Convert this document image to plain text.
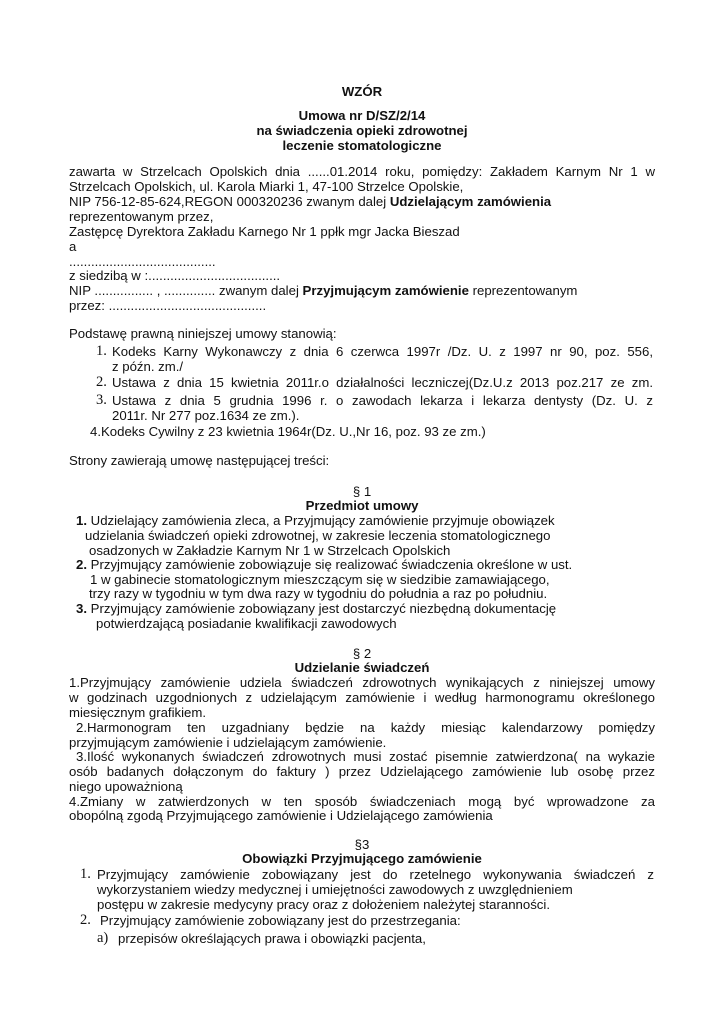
WZÓR

Umowa nr D/SZ/2/14

na świadczenia opieki zdrowotnej

leczenie stomatologiczne

zawarta w Strzelcach Opolskich dnia ......01.2014 roku, pomiędzy: Zakładem Karnym Nr 1 w

Strzelcach Opolskich, ul. Karola Miarki 1, 47-100 Strzelce Opolskie,

NIP 756-12-85-624,REGON 000320236 zwanym dalej Udzielającym zamówienia

reprezentowanym przez,

Zastępcę Dyrektora Zakładu Karnego Nr 1 ppłk mgr Jacka Bieszad

a

........................................

z siedzibą w :....................................

NIP ................ , .............. zwanym dalej Przyjmującym zamówienie reprezentowanym

przez: ...........................................

Podstawę prawną niniejszej umowy stanowią:

1. Kodeks Karny Wykonawczy z dnia 6 czerwca 1997r /Dz. U. z 1997 nr 90, poz. 556,

z późn. zm./

2. Ustawa z dnia 15 kwietnia 2011r.o działalności leczniczej(Dz.U.z 2013 poz.217 ze zm.

3. Ustawa z dnia 5 grudnia 1996 r. o zawodach lekarza i lekarza dentysty (Dz. U. z

2011r. Nr 277 poz.1634 ze zm.).

4.Kodeks Cywilny z 23 kwietnia 1964r(Dz. U.,Nr 16, poz. 93 ze zm.)

Strony zawierają umowę następującej treści:

§ 1

Przedmiot umowy

1. Udzielający zamówienia zleca, a Przyjmujący zamówienie przyjmuje obowiązek

udzielania świadczeń opieki zdrowotnej, w zakresie leczenia stomatologicznego

osadzonych w Zakładzie Karnym Nr 1 w Strzelcach Opolskich

2. Przyjmujący zamówienie zobowiązuje się realizować świadczenia określone w ust.

1 w gabinecie stomatologicznym mieszczącym się w siedzibie zamawiającego,

trzy razy w tygodniu w tym dwa razy w tygodniu do południa a raz po południu.

3. Przyjmujący zamówienie zobowiązany jest dostarczyć niezbędną dokumentację

potwierdzającą posiadanie kwalifikacji zawodowych

§ 2

Udzielanie świadczeń

1.Przyjmujący zamówienie udziela świadczeń zdrowotnych wynikających z niniejszej umowy

w godzinach uzgodnionych z udzielającym zamówienie i według harmonogramu określonego

miesięcznym grafikiem.

2.Harmonogram ten uzgadniany będzie na każdy miesiąc kalendarzowy pomiędzy

przyjmującym zamówienie i udzielającym zamówienie.

3.Ilość wykonanych świadczeń zdrowotnych musi zostać pisemnie zatwierdzona( na wykazie

osób badanych dołączonym do faktury ) przez Udzielającego zamówienie lub osobę przez

niego upoważnioną

4.Zmiany w zatwierdzonych w ten sposób świadczeniach mogą być wprowadzone za

obopólną zgodą Przyjmującego zamówienie i Udzielającego zamówienia

§3

Obowiązki Przyjmującego zamówienie

1. Przyjmujący zamówienie zobowiązany jest do rzetelnego wykonywania świadczeń z

wykorzystaniem wiedzy medycznej i umiejętności zawodowych z uwzględnieniem

postępu w zakresie medycyny pracy oraz z dołożeniem należytej staranności.

2. Przyjmujący zamówienie zobowiązany jest do przestrzegania:

a) przepisów określających prawa i obowiązki pacjenta,
